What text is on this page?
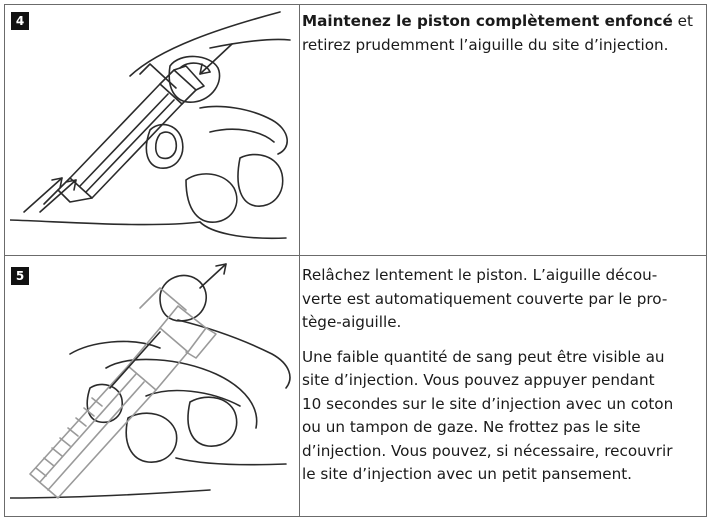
4	Maintenez le piston complètement enfoncé et retirez prudemment l’aiguille du site d’injection.

5	Relâchez lentement le piston. L’aiguille décou-
verte est automatiquement couverte par le pro-
tège-aiguille.

Une faible quantité de sang peut être visible au
site d’injection. Vous pouvez appuyer pendant
10 secondes sur le site d’injection avec un coton
ou un tampon de gaze. Ne frottez pas le site
d’injection. Vous pouvez, si nécessaire, recouvrir
le site d’injection avec un petit pansement.
